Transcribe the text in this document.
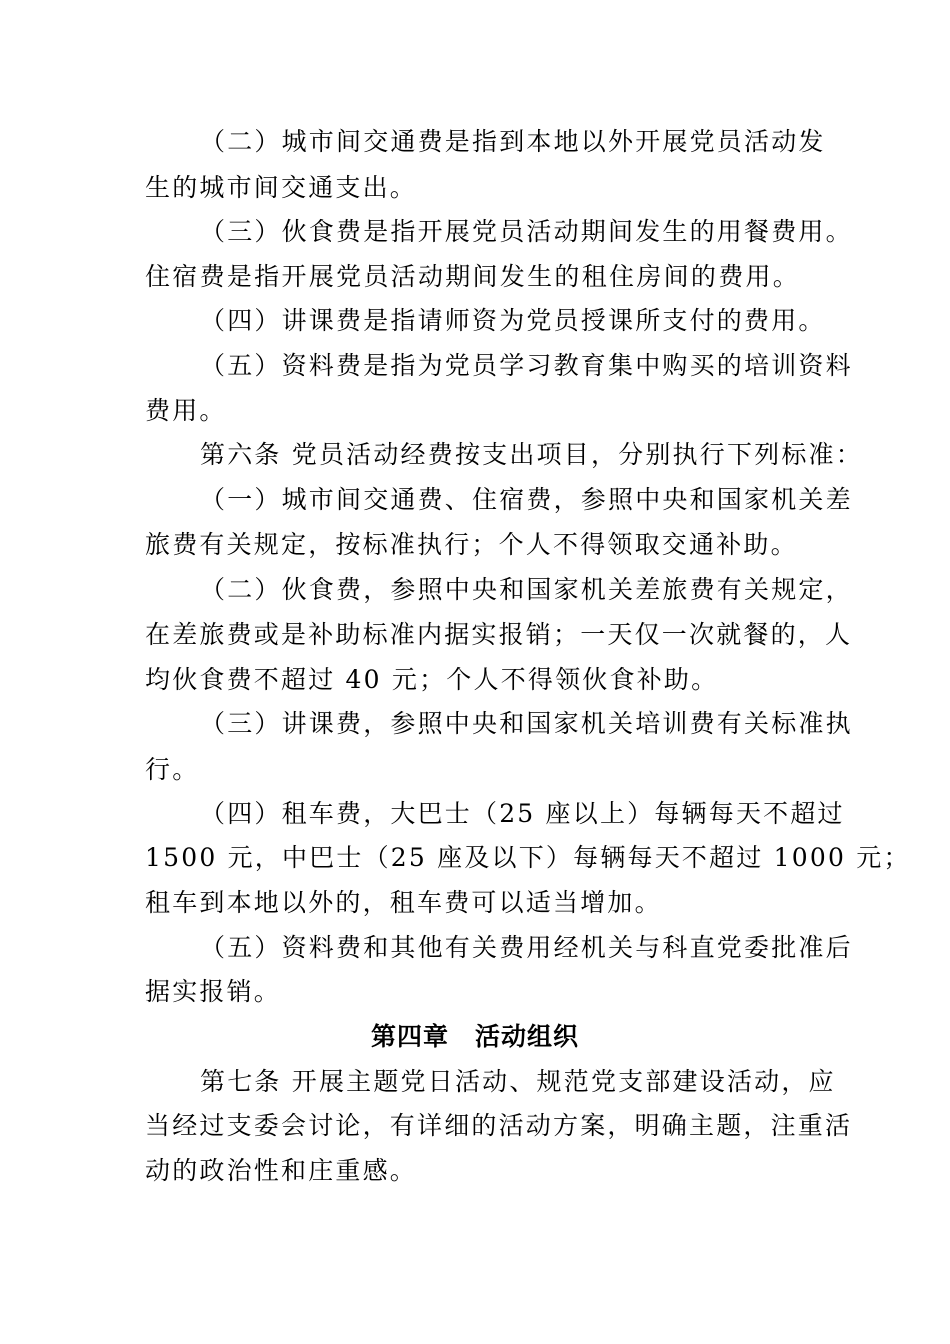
（二）城市间交通费是指到本地以外开展党员活动发
生的城市间交通支出。
（三）伙食费是指开展党员活动期间发生的用餐费用。
住宿费是指开展党员活动期间发生的租住房间的费用。
（四）讲课费是指请师资为党员授课所支付的费用。
（五）资料费是指为党员学习教育集中购买的培训资料
费用。
第六条 党员活动经费按支出项目，分别执行下列标准：
（一）城市间交通费、住宿费，参照中央和国家机关差
旅费有关规定，按标准执行；个人不得领取交通补助。
（二）伙食费，参照中央和国家机关差旅费有关规定，
在差旅费或是补助标准内据实报销；一天仅一次就餐的，人
均伙食费不超过 40 元；个人不得领伙食补助。
（三）讲课费，参照中央和国家机关培训费有关标准执
行。
（四）租车费，大巴士（25 座以上）每辆每天不超过
1500 元，中巴士（25 座及以下）每辆每天不超过 1000 元；
租车到本地以外的，租车费可以适当增加。
（五）资料费和其他有关费用经机关与科直党委批准后
据实报销。
第四章　活动组织
第七条 开展主题党日活动、规范党支部建设活动，应
当经过支委会讨论，有详细的活动方案，明确主题，注重活
动的政治性和庄重感。
